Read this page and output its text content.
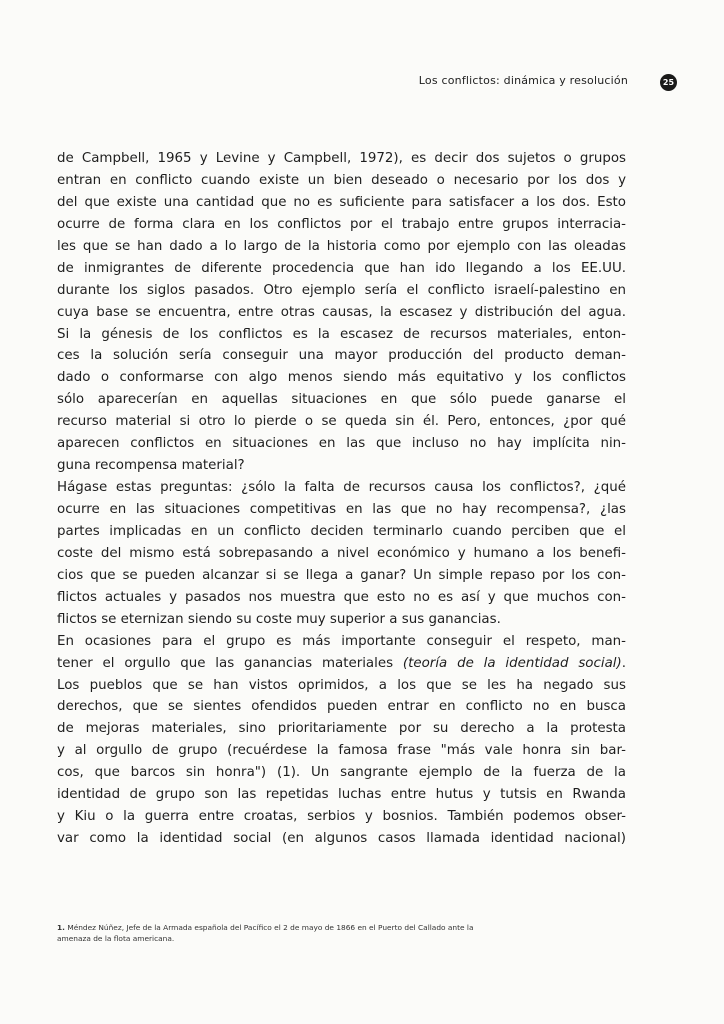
Los conflictos: dinámica y resolución	25
de Campbell, 1965 y Levine y Campbell, 1972), es decir dos sujetos o grupos
entran en conflicto cuando existe un bien deseado o necesario por los dos y
del que existe una cantidad que no es suficiente para satisfacer a los dos. Esto
ocurre de forma clara en los conflictos por el trabajo entre grupos interracia-
les que se han dado a lo largo de la historia como por ejemplo con las oleadas
de inmigrantes de diferente procedencia que han ido llegando a los EE.UU.
durante los siglos pasados. Otro ejemplo sería el conflicto israelí-palestino en
cuya base se encuentra, entre otras causas, la escasez y distribución del agua.
Si la génesis de los conflictos es la escasez de recursos materiales, enton-
ces la solución sería conseguir una mayor producción del producto deman-
dado o conformarse con algo menos siendo más equitativo y los conflictos
sólo aparecerían en aquellas situaciones en que sólo puede ganarse el
recurso material si otro lo pierde o se queda sin él. Pero, entonces, ¿por qué
aparecen conflictos en situaciones en las que incluso no hay implícita nin-
guna recompensa material?
Hágase estas preguntas: ¿sólo la falta de recursos causa los conflictos?, ¿qué
ocurre en las situaciones competitivas en las que no hay recompensa?, ¿las
partes implicadas en un conflicto deciden terminarlo cuando perciben que el
coste del mismo está sobrepasando a nivel económico y humano a los benefi-
cios que se pueden alcanzar si se llega a ganar? Un simple repaso por los con-
flictos actuales y pasados nos muestra que esto no es así y que muchos con-
flictos se eternizan siendo su coste muy superior a sus ganancias.
En ocasiones para el grupo es más importante conseguir el respeto, man-
tener el orgullo que las ganancias materiales (teoría de la identidad social).
Los pueblos que se han vistos oprimidos, a los que se les ha negado sus
derechos, que se sientes ofendidos pueden entrar en conflicto no en busca
de mejoras materiales, sino prioritariamente por su derecho a la protesta
y al orgullo de grupo (recuérdese la famosa frase "más vale honra sin bar-
cos, que barcos sin honra") (1). Un sangrante ejemplo de la fuerza de la
identidad de grupo son las repetidas luchas entre hutus y tutsis en Rwanda
y Kiu o la guerra entre croatas, serbios y bosnios. También podemos obser-
var como la identidad social (en algunos casos llamada identidad nacional)
1. Méndez Núñez, Jefe de la Armada española del Pacífico el 2 de mayo de 1866 en el Puerto del Callado ante la
amenaza de la flota americana.
